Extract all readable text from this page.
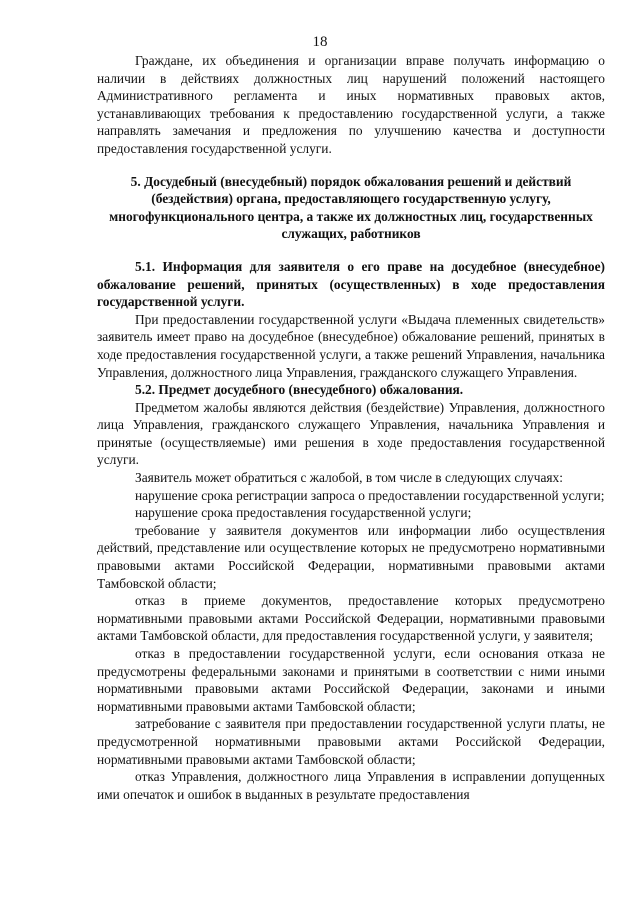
18

Граждане, их объединения и организации вправе получать информацию о наличии в действиях должностных лиц нарушений положений настоящего Административного регламента и иных нормативных правовых актов, устанавливающих требования к предоставлению государственной услуги, а также направлять замечания и предложения по улучшению качества и доступности предоставления государственной услуги.

5. Досудебный (внесудебный) порядок обжалования решений и действий (бездействия) органа, предоставляющего государственную услугу, многофункционального центра, а также их должностных лиц, государственных служащих, работников

5.1. Информация для заявителя о его праве на досудебное (внесудебное) обжалование решений, принятых (осуществленных) в ходе предоставления государственной услуги.

При предоставлении государственной услуги «Выдача племенных свидетельств» заявитель имеет право на досудебное (внесудебное) обжалование решений, принятых в ходе предоставления государственной услуги, а также решений Управления, начальника Управления, должностного лица Управления, гражданского служащего Управления.

5.2. Предмет досудебного (внесудебного) обжалования.

Предметом жалобы являются действия (бездействие) Управления, должностного лица Управления, гражданского служащего Управления, начальника Управления и принятые (осуществляемые) ими решения в ходе предоставления государственной услуги.

Заявитель может обратиться с жалобой, в том числе в следующих случаях:

нарушение срока регистрации запроса о предоставлении государственной услуги;

нарушение срока предоставления государственной услуги;

требование у заявителя документов или информации либо осуществления действий, представление или осуществление которых не предусмотрено нормативными правовыми актами Российской Федерации, нормативными правовыми актами Тамбовской области;

отказ в приеме документов, предоставление которых предусмотрено нормативными правовыми актами Российской Федерации, нормативными правовыми актами Тамбовской области, для предоставления государственной услуги, у заявителя;

отказ в предоставлении государственной услуги, если основания отказа не предусмотрены федеральными законами и принятыми в соответствии с ними иными нормативными правовыми актами Российской Федерации, законами и иными нормативными правовыми актами Тамбовской области;

затребование с заявителя при предоставлении государственной услуги платы, не предусмотренной нормативными правовыми актами Российской Федерации, нормативными правовыми актами Тамбовской области;

отказ Управления, должностного лица Управления в исправлении допущенных ими опечаток и ошибок в выданных в результате предоставления
